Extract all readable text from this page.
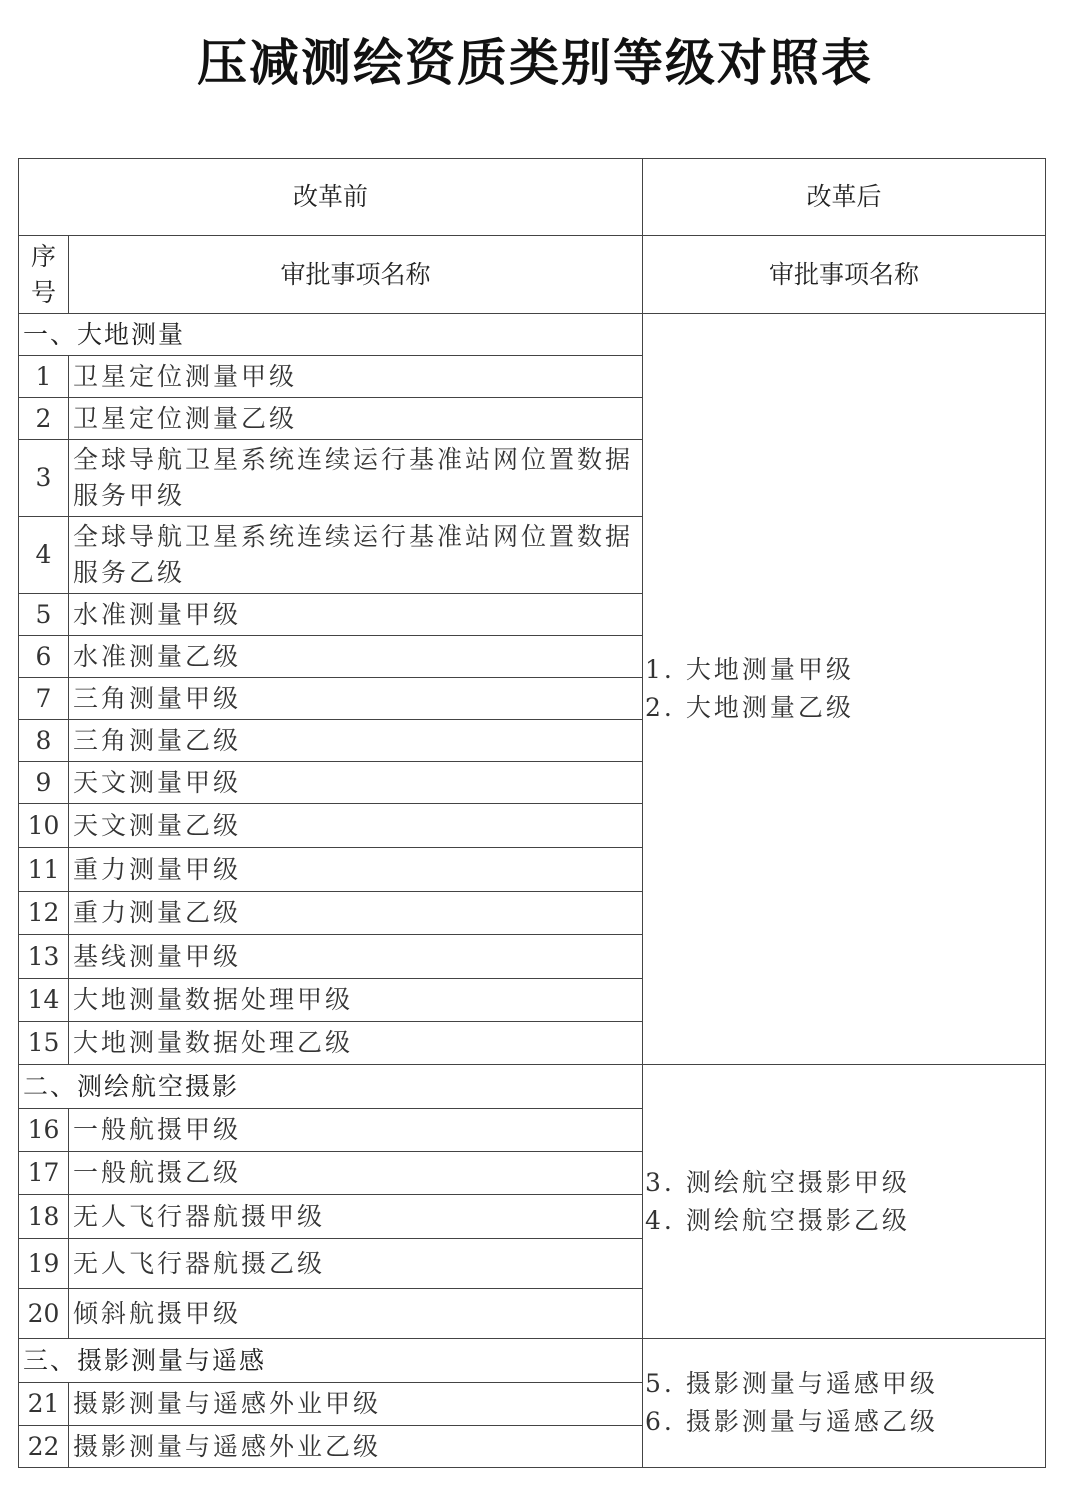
压减测绘资质类别等级对照表
改革前		改革后

序
号	审批事项名称	审批事项名称
一、大地测量		1. 大地测量甲级
2. 大地测量乙级

1	卫星定位测量甲级	
2	卫星定位测量乙级	
3	全球导航卫星系统连续运行基准站网位置数据服务甲级	
4	全球导航卫星系统连续运行基准站网位置数据服务乙级	
5	水准测量甲级	
6	水准测量乙级	
7	三角测量甲级	
8	三角测量乙级	
9	天文测量甲级	
10	天文测量乙级	
11	重力测量甲级	
12	重力测量乙级	
13	基线测量甲级	
14	大地测量数据处理甲级	
15	大地测量数据处理乙级	
二、测绘航空摄影		3. 测绘航空摄影甲级
4. 测绘航空摄影乙级

16	一般航摄甲级	
17	一般航摄乙级	
18	无人飞行器航摄甲级	
19	无人飞行器航摄乙级	
20	倾斜航摄甲级	
三、摄影测量与遥感		5. 摄影测量与遥感甲级
6. 摄影测量与遥感乙级

21	摄影测量与遥感外业甲级	
22	摄影测量与遥感外业乙级	
